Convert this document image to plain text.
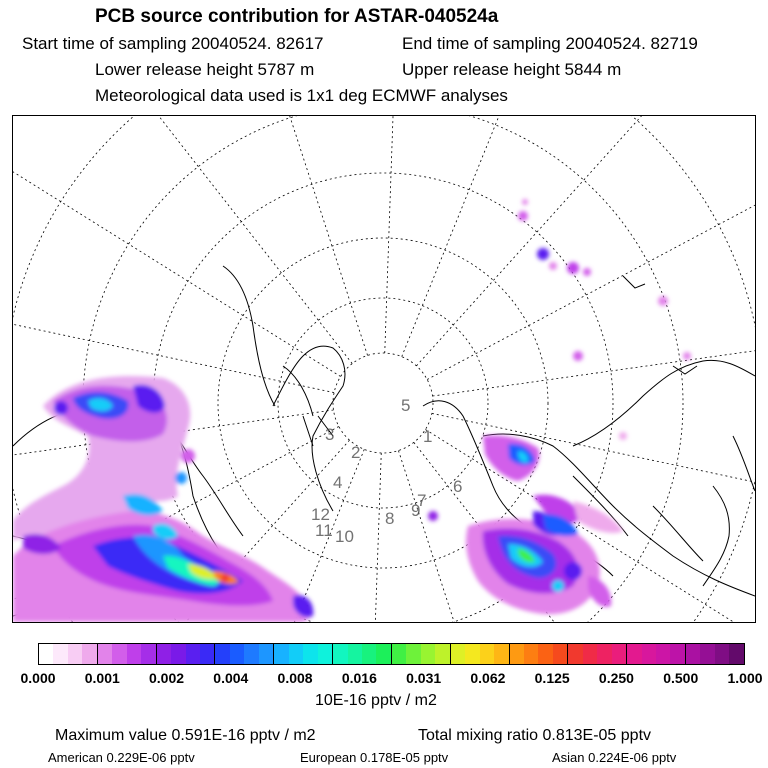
PCB source contribution for ASTAR-040524a
Start time of sampling 20040524. 82617	End time of sampling 20040524. 82719
Lower release height 5787 m	Upper release height 5844 m
Meteorological data used is 1x1 deg ECMWF analyses
5
1
2
3
4	6
7
8 9
10
11
12
0.000 0.001 0.002 0.004 0.008 0.016 0.031 0.062 0.125 0.250 0.500 1.000
10E-16 pptv / m2
Maximum value 0.591E-16 pptv / m2	Total mixing ratio 0.813E-05 pptv
American 0.229E-06 pptv	European 0.178E-05 pptv	Asian 0.224E-06 pptv
